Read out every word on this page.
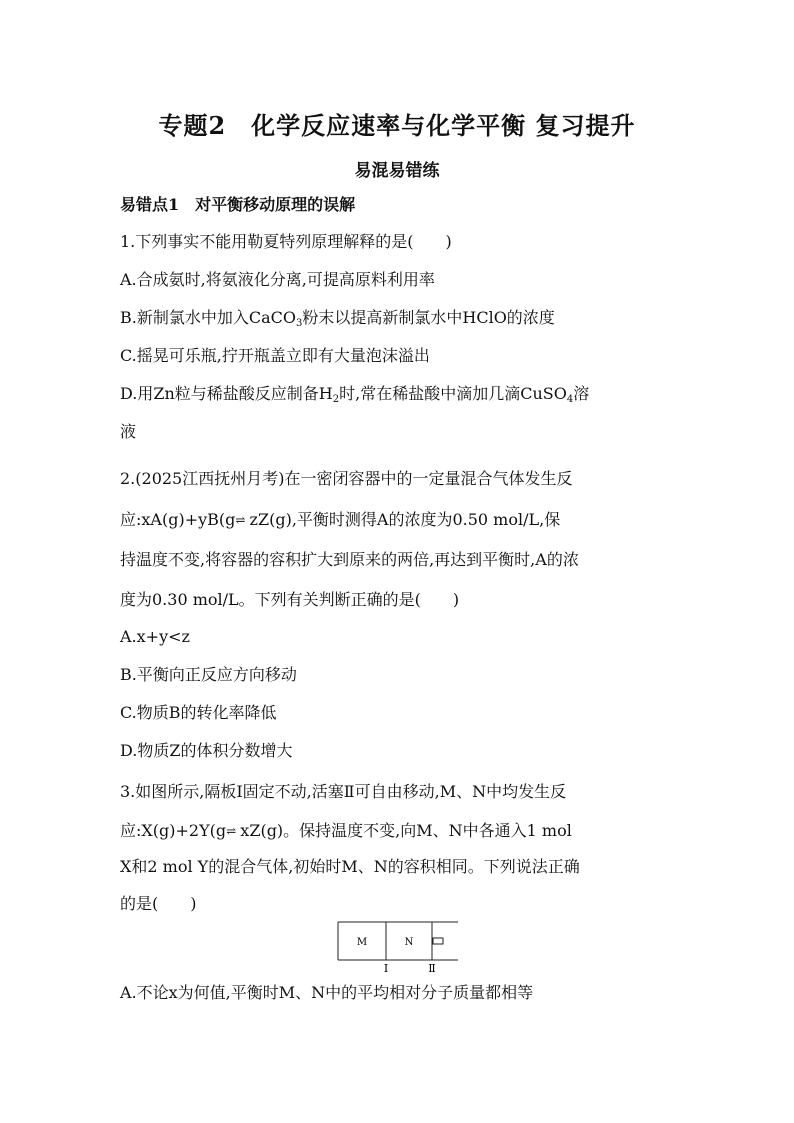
专题2　化学反应速率与化学平衡 复习提升
易混易错练
易错点1　对平衡移动原理的误解
1.下列事实不能用勒夏特列原理解释的是(　　)
A.合成氨时,将氨液化分离,可提高原料利用率
B.新制氯水中加入CaCO$_3$粉末以提高新制氯水中HClO的浓度
C.摇晃可乐瓶,拧开瓶盖立即有大量泡沫溢出
D.用Zn粒与稀盐酸反应制备$H_2$时,常在稀盐酸中滴加几滴CuSO$_4$溶
液
2.(2025江西抚州月考)在一密闭容器中的一定量混合气体发生反
应:xA(g)+yB(g⇌ zZ(g),平衡时测得A的浓度为0.50 mol/L,保
持温度不变,将容器的容积扩大到原来的两倍,再达到平衡时,A的浓
度为0.30 mol/L。下列有关判断正确的是(　　)
A.x+y<z
B.平衡向正反应方向移动
C.物质B的转化率降低
D.物质Z的体积分数增大
3.如图所示,隔板Ⅰ固定不动,活塞Ⅱ可自由移动,M、N中均发生反
应:X(g)+2Y(g⇌ xZ(g)。保持温度不变,向M、N中各通入1 mol
X和2 mol Y的混合气体,初始时M、N的容积相同。下列说法正确
的是(　　)
M	N
Ⅰ	Ⅱ
A.不论x为何值,平衡时M、N中的平均相对分子质量都相等
